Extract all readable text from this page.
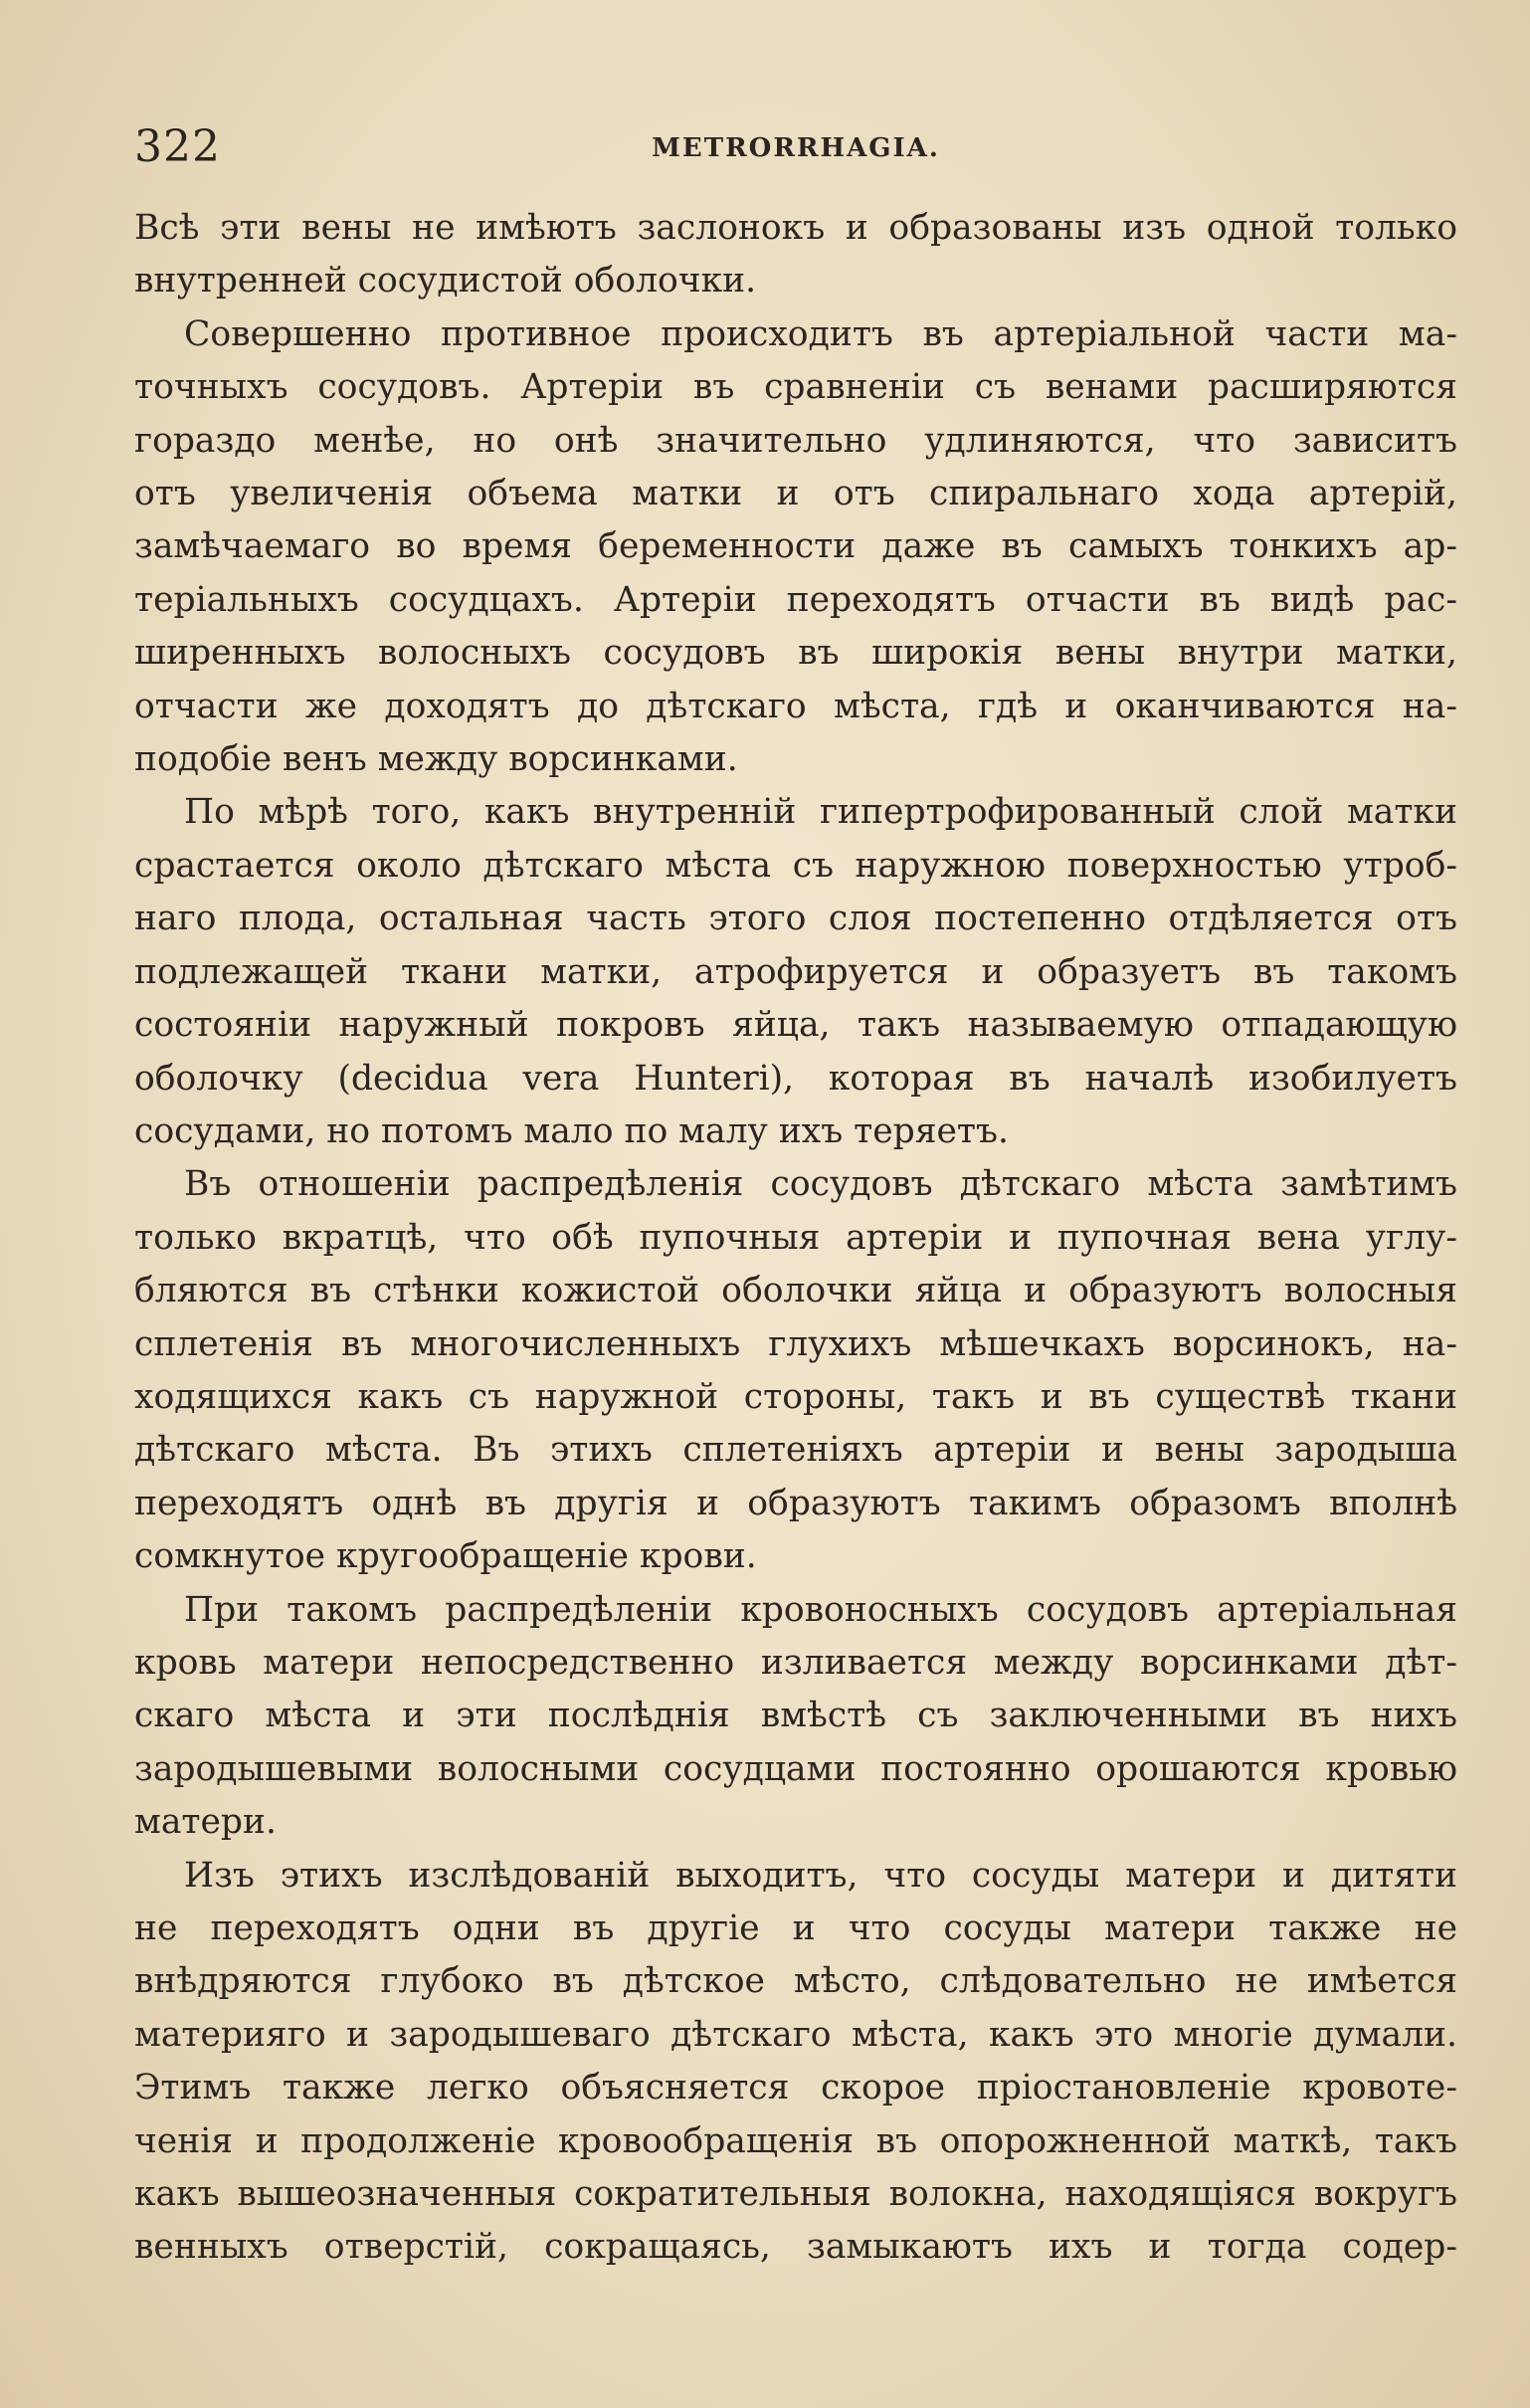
322	METRORRHAGIA.
Всѣ эти вены не имѣютъ заслонокъ и образованы изъ одной только
внутренней сосудистой оболочки.
Совершенно противное происходитъ въ артеріальной части ма-
точныхъ сосудовъ. Артеріи въ сравненіи съ венами расширяются
гораздо менѣе, но онѣ значительно удлиняются, что зависитъ
отъ увеличенія объема матки и отъ спиральнаго хода артерій,
замѣчаемаго во время беременности даже въ самыхъ тонкихъ ар-
теріальныхъ сосудцахъ. Артеріи переходятъ отчасти въ видѣ рас-
ширенныхъ волосныхъ сосудовъ въ широкія вены внутри матки,
отчасти же доходятъ до дѣтскаго мѣста, гдѣ и оканчиваются на-
подобіе венъ между ворсинками.
По мѣрѣ того, какъ внутренній гипертрофированный слой матки
срастается около дѣтскаго мѣста съ наружною поверхностью утроб-
наго плода, остальная часть этого слоя постепенно отдѣляется отъ
подлежащей ткани матки, атрофируется и образуетъ въ такомъ
состояніи наружный покровъ яйца, такъ называемую отпадающую
оболочку (decidua vera Hunteri), которая въ началѣ изобилуетъ
сосудами, но потомъ мало по малу ихъ теряетъ.
Въ отношеніи распредѣленія сосудовъ дѣтскаго мѣста замѣтимъ
только вкратцѣ, что обѣ пупочныя артеріи и пупочная вена углу-
бляются въ стѣнки кожистой оболочки яйца и образуютъ волосныя
сплетенія въ многочисленныхъ глухихъ мѣшечкахъ ворсинокъ, на-
ходящихся какъ съ наружной стороны, такъ и въ существѣ ткани
дѣтскаго мѣста. Въ этихъ сплетеніяхъ артеріи и вены зародыша
переходятъ однѣ въ другія и образуютъ такимъ образомъ вполнѣ
сомкнутое кругообращеніе крови.
При такомъ распредѣленіи кровоносныхъ сосудовъ артеріальная
кровь матери непосредственно изливается между ворсинками дѣт-
скаго мѣста и эти послѣднія вмѣстѣ съ заключенными въ нихъ
зародышевыми волосными сосудцами постоянно орошаются кровью
матери.
Изъ этихъ изслѣдованій выходитъ, что сосуды матери и дитяти
не переходятъ одни въ другіе и что сосуды матери также не
внѣдряются глубоко въ дѣтское мѣсто, слѣдовательно не имѣется
материяго и зародышеваго дѣтскаго мѣста, какъ это многіе думали.
Этимъ также легко объясняется скорое пріостановленіе кровоте-
ченія и продолженіе кровообращенія въ опорожненной маткѣ, такъ
какъ вышеозначенныя сократительныя волокна, находящіяся вокругъ
венныхъ отверстій, сокращаясь, замыкаютъ ихъ и тогда содер-
